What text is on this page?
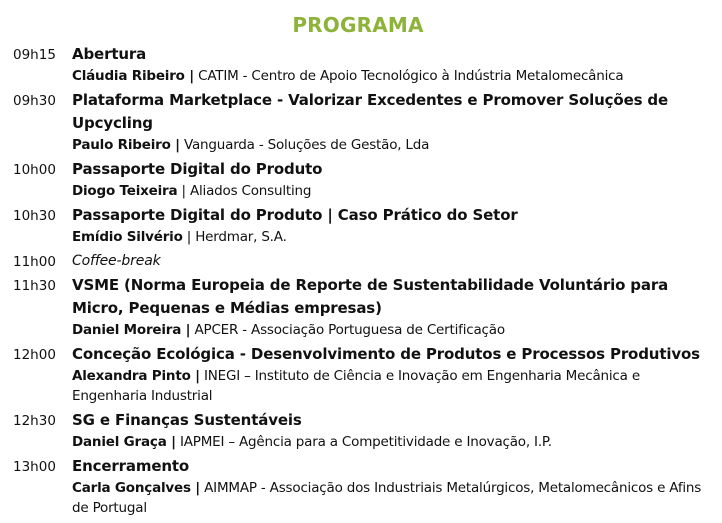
PROGRAMA
09h15	Abertura
Cláudia Ribeiro | CATIM - Centro de Apoio Tecnológico à Indústria Metalomecânica
09h30	Plataforma Marketplace - Valorizar Excedentes e Promover Soluções de Upcycling
Paulo Ribeiro | Vanguarda - Soluções de Gestão, Lda
10h00	Passaporte Digital do Produto
Diogo Teixeira | Aliados Consulting
10h30	Passaporte Digital do Produto | Caso Prático do Setor
Emídio Silvério | Herdmar, S.A.
11h00	Coffee-break
11h30	VSME (Norma Europeia de Reporte de Sustentabilidade Voluntário para Micro, Pequenas e Médias empresas)
Daniel Moreira | APCER - Associação Portuguesa de Certificação
12h00	Conceção Ecológica - Desenvolvimento de Produtos e Processos Produtivos
Alexandra Pinto | INEGI – Instituto de Ciência e Inovação em Engenharia Mecânica e Engenharia Industrial
12h30	SG e Finanças Sustentáveis
Daniel Graça | IAPMEI – Agência para a Competitividade e Inovação, I.P.
13h00	Encerramento
Carla Gonçalves | AIMMAP - Associação dos Industriais Metalúrgicos, Metalomecânicos e Afins de Portugal
